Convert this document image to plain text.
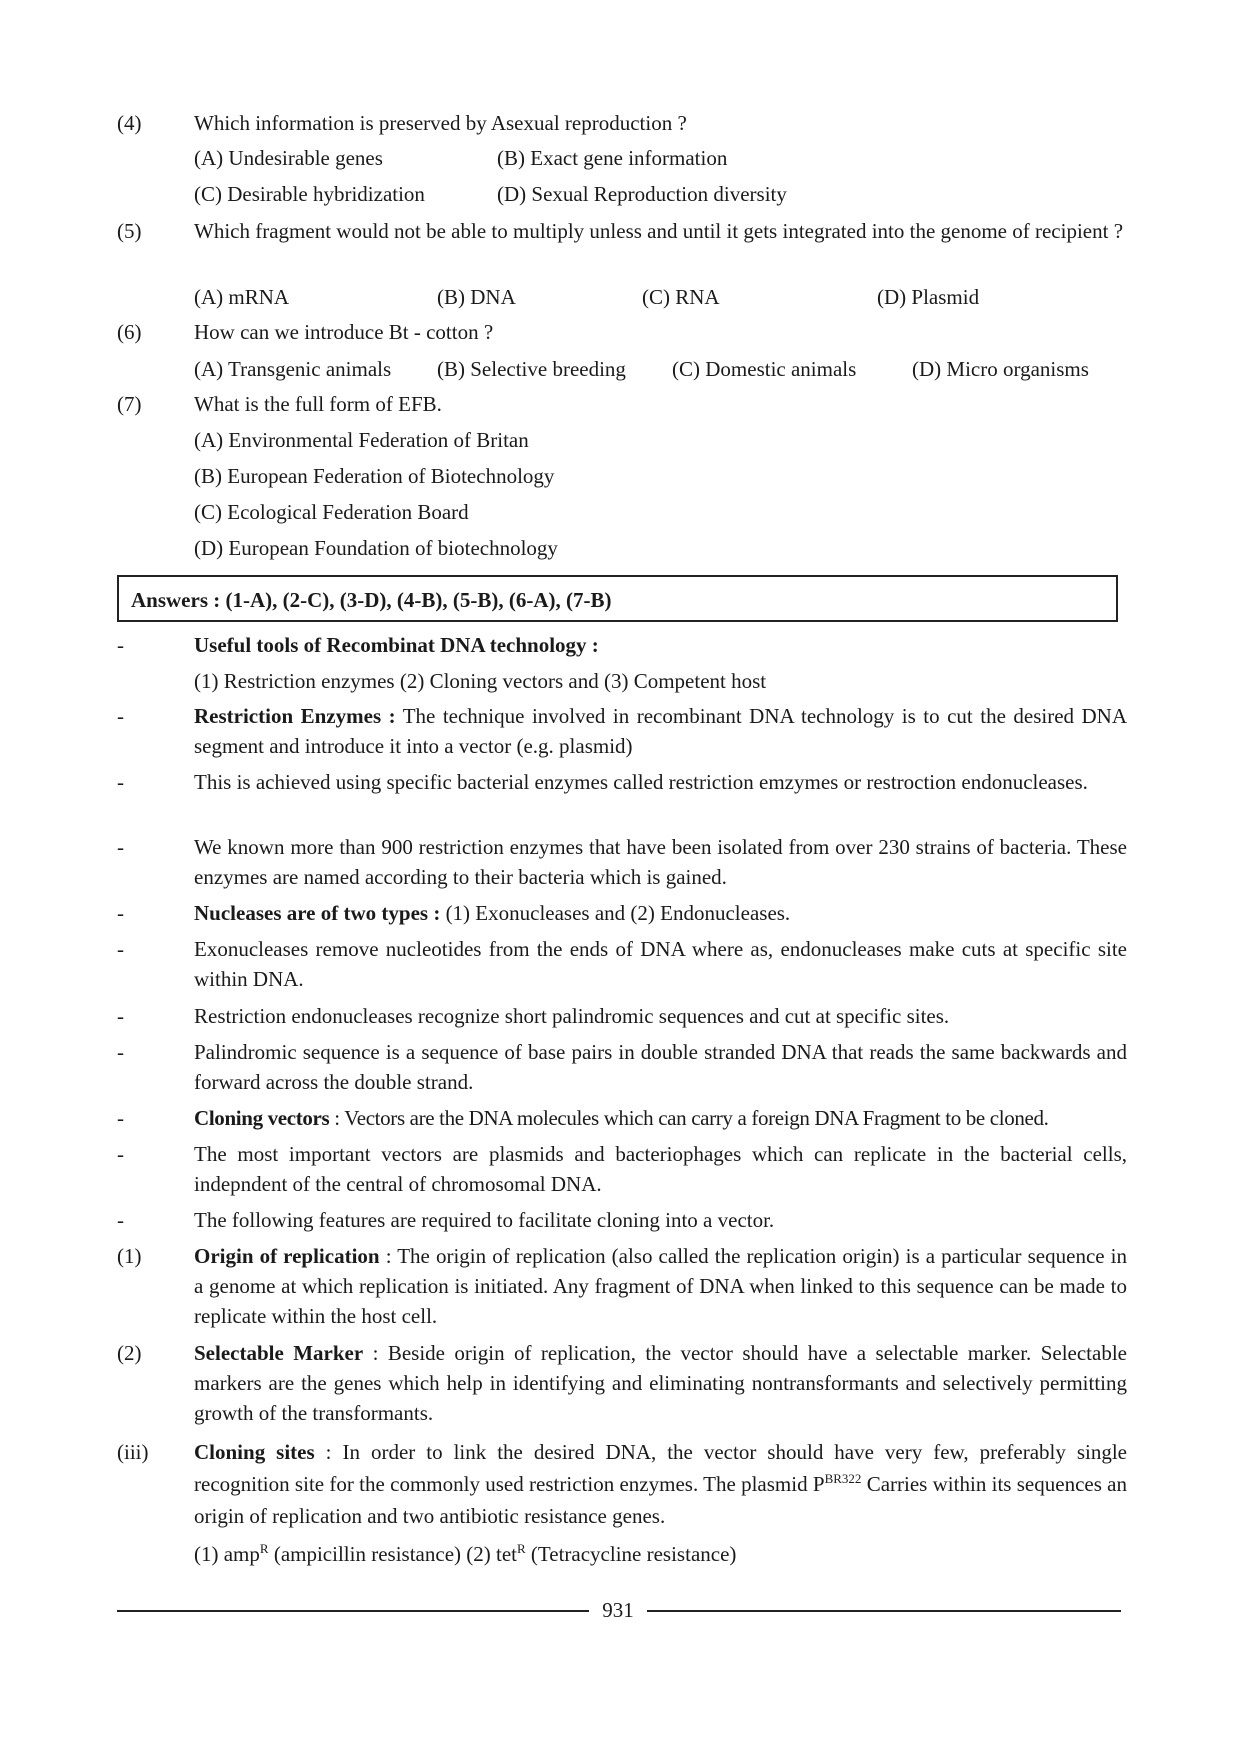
(4)	Which information is preserved by Asexual reproduction ?
(A) Undesirable genes	(B) Exact gene information
(C) Desirable hybridization	(D) Sexual Reproduction diversity
(5)	Which fragment would not be able to multiply unless and until it gets integrated into the genome of recipient ?
(A) mRNA	(B) DNA	(C) RNA	(D) Plasmid
(6)	How can we introduce Bt - cotton ?
(A) Transgenic animals (B) Selective breeding (C) Domestic animals	(D) Micro organisms
(7)	What is the full form of EFB.
(A) Environmental Federation of Britan
(B) European Federation of Biotechnology
(C) Ecological Federation Board
(D) European Foundation of biotechnology
Answers : (1-A), (2-C), (3-D), (4-B), (5-B), (6-A), (7-B)
-	Useful tools of Recombinat DNA technology :
(1) Restriction enzymes (2) Cloning vectors and (3) Competent host
-	Restriction Enzymes : The technique involved in recombinant DNA technology is to cut the desired DNA segment and introduce it into a vector (e.g. plasmid)
-	This is achieved using specific bacterial enzymes called restriction emzymes or restroction endonucleases.
-	We known more than 900 restriction enzymes that have been isolated from over 230 strains of bacteria. These enzymes are named according to their bacteria which is gained.
-	Nucleases are of two types : (1) Exonucleases and (2) Endonucleases.
-	Exonucleases remove nucleotides from the ends of DNA where as, endonucleases make cuts at specific site within DNA.
-	Restriction endonucleases recognize short palindromic sequences and cut at specific sites.
-	Palindromic sequence is a sequence of base pairs in double stranded DNA that reads the same backwards and forward across the double strand.
-	Cloning vectors : Vectors are the DNA molecules which can carry a foreign DNA Fragment to be cloned.
-	The most important vectors are plasmids and bacteriophages which can replicate in the bacterial cells, indepndent of the central of chromosomal DNA.
-	The following features are required to facilitate cloning into a vector.
(1)	Origin of replication : The origin of replication (also called the replication origin) is a particular sequence in a genome at which replication is initiated. Any fragment of DNA when linked to this sequence can be made to replicate within the host cell.
(2)	Selectable Marker : Beside origin of replication, the vector should have a selectable marker. Selectable markers are the genes which help in identifying and eliminating nontransformants and selectively permitting growth of the transformants.
(iii)	Cloning sites : In order to link the desired DNA, the vector should have very few, preferably single recognition site for the commonly used restriction enzymes. The plasmid $P^{BR322}$ Carries within its sequences an origin of replication and two antibiotic resistance genes.
(1) amp$^R$ (ampicillin resistance) (2) tet$^R$ (Tetracycline resistance)
931
